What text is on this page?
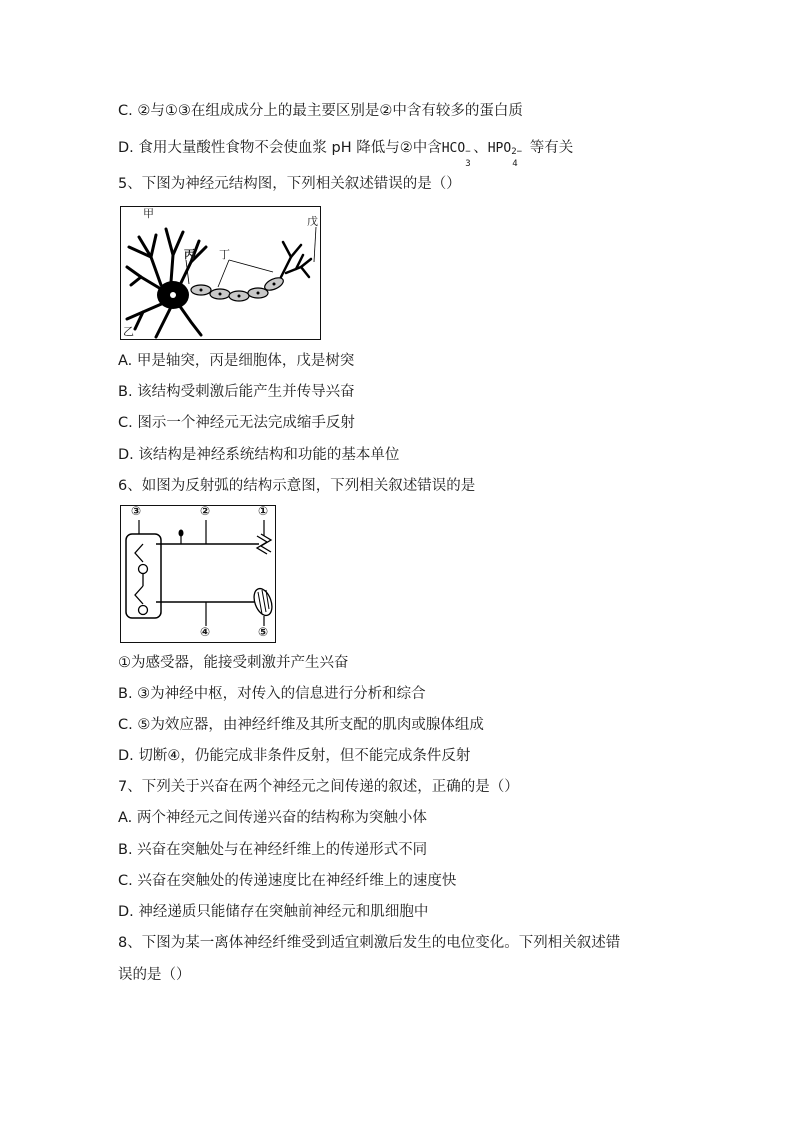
C. ②与①③在组成成分上的最主要区别是②中含有较多的蛋白质
D. 食用大量酸性食物不会使血浆 pH 降低与②中含HCO −
3
、HPO 2−
4
等有关
5、下图为神经元结构图，下列相关叙述错误的是（）
甲
乙
丙 丁
戊
A. 甲是轴突，丙是细胞体，戊是树突
B. 该结构受刺激后能产生并传导兴奋
C. 图示一个神经元无法完成缩手反射
D. 该结构是神经系统结构和功能的基本单位
6、如图为反射弧的结构示意图，下列相关叙述错误的是
③	②	①
④	⑤
①为感受器，能接受刺激并产生兴奋
B. ③为神经中枢，对传入的信息进行分析和综合
C. ⑤为效应器，由神经纤维及其所支配的肌肉或腺体组成
D. 切断④，仍能完成非条件反射，但不能完成条件反射
7、下列关于兴奋在两个神经元之间传递的叙述，正确的是（）
A. 两个神经元之间传递兴奋的结构称为突触小体
B. 兴奋在突触处与在神经纤维上的传递形式不同
C. 兴奋在突触处的传递速度比在神经纤维上的速度快
D. 神经递质只能储存在突触前神经元和肌细胞中
8、下图为某一离体神经纤维受到适宜刺激后发生的电位变化。下列相关叙述错
误的是（）
